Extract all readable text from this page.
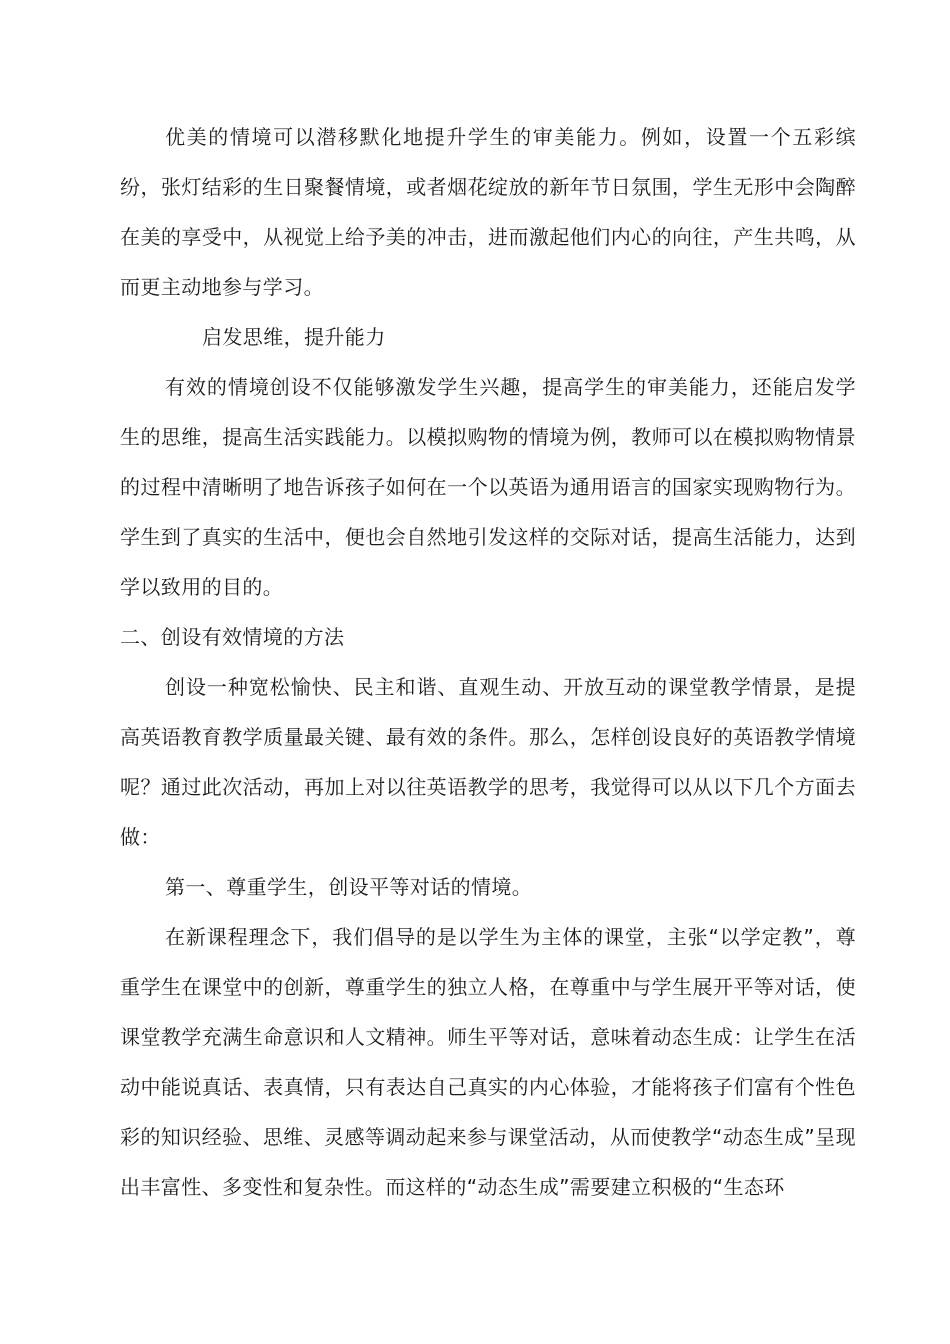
优美的情境可以潜移默化地提升学生的审美能力。例如，设置一个五彩缤纷，张灯结彩的生日聚餐情境，或者烟花绽放的新年节日氛围，学生无形中会陶醉在美的享受中，从视觉上给予美的冲击，进而激起他们内心的向往，产生共鸣，从而更主动地参与学习。

启发思维，提升能力

有效的情境创设不仅能够激发学生兴趣，提高学生的审美能力，还能启发学生的思维，提高生活实践能力。以模拟购物的情境为例，教师可以在模拟购物情景的过程中清晰明了地告诉孩子如何在一个以英语为通用语言的国家实现购物行为。学生到了真实的生活中，便也会自然地引发这样的交际对话，提高生活能力，达到学以致用的目的。

二、创设有效情境的方法

创设一种宽松愉快、民主和谐、直观生动、开放互动的课堂教学情景，是提高英语教育教学质量最关键、最有效的条件。那么，怎样创设良好的英语教学情境呢？通过此次活动，再加上对以往英语教学的思考，我觉得可以从以下几个方面去做：

第一、尊重学生，创设平等对话的情境。

在新课程理念下，我们倡导的是以学生为主体的课堂，主张“以学定教”，尊重学生在课堂中的创新，尊重学生的独立人格，在尊重中与学生展开平等对话，使课堂教学充满生命意识和人文精神。师生平等对话，意味着动态生成：让学生在活动中能说真话、表真情，只有表达自己真实的内心体验，才能将孩子们富有个性色彩的知识经验、思维、灵感等调动起来参与课堂活动，从而使教学“动态生成”呈现出丰富性、多变性和复杂性。而这样的“动态生成”需要建立积极的“生态环
